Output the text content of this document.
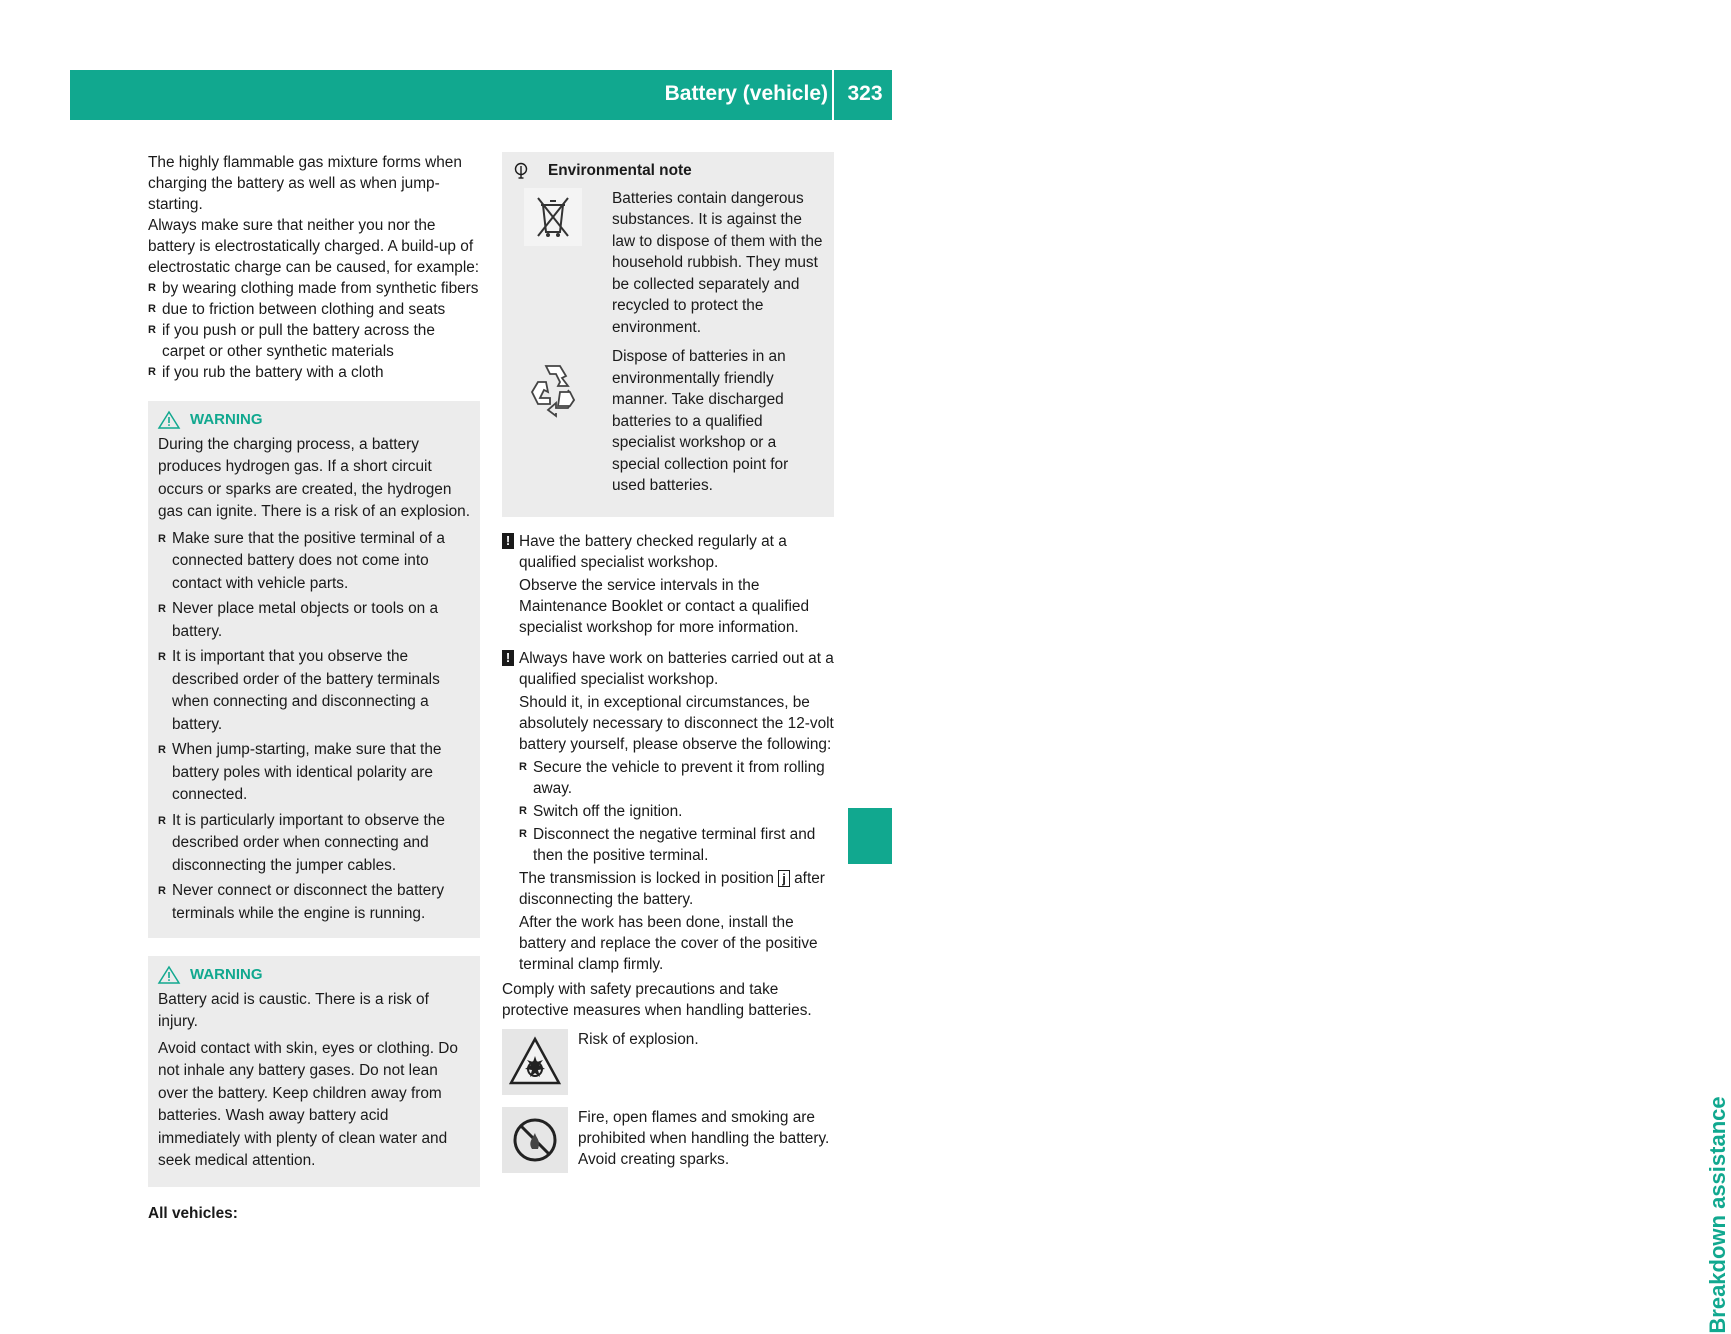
Battery (vehicle) 323
Breakdown assistance

The highly flammable gas mixture forms when charging the battery as well as when jump-starting.

Always make sure that neither you nor the battery is electrostatically charged. A build-up of electrostatic charge can be caused, for example:

R by wearing clothing made from synthetic fibers
R due to friction between clothing and seats
R if you push or pull the battery across the carpet or other synthetic materials
R if you rub the battery with a cloth
WARNING

During the charging process, a battery produces hydrogen gas. If a short circuit occurs or sparks are created, the hydrogen gas can ignite. There is a risk of an explosion.

R Make sure that the positive terminal of a connected battery does not come into contact with vehicle parts.
R Never place metal objects or tools on a battery.
R It is important that you observe the described order of the battery terminals when connecting and disconnecting a battery.
R When jump-starting, make sure that the battery poles with identical polarity are connected.
R It is particularly important to observe the described order when connecting and disconnecting the jumper cables.
R Never connect or disconnect the battery terminals while the engine is running.
WARNING

Battery acid is caustic. There is a risk of injury.

Avoid contact with skin, eyes or clothing. Do not inhale any battery gases. Do not lean over the battery. Keep children away from batteries. Wash away battery acid immediately with plenty of clean water and seek medical attention.

All vehicles:

Environmental note
Batteries contain dangerous substances. It is against the law to dispose of them with the household rubbish. They must be collected separately and recycled to protect the environment.
Dispose of batteries in an environmentally friendly manner. Take discharged batteries to a qualified specialist workshop or a special collection point for used batteries.
! Have the battery checked regularly at a qualified specialist workshop.

Observe the service intervals in the Maintenance Booklet or contact a qualified specialist workshop for more information.

! Always have work on batteries carried out at a qualified specialist workshop.

Should it, in exceptional circumstances, be absolutely necessary to disconnect the 12-volt battery yourself, please observe the following:

R Secure the vehicle to prevent it from rolling away.
R Switch off the ignition.
R Disconnect the negative terminal first and then the positive terminal.

The transmission is locked in position j after disconnecting the battery.

After the work has been done, install the battery and replace the cover of the positive terminal clamp firmly.

Comply with safety precautions and take protective measures when handling batteries.

Risk of explosion.
Fire, open flames and smoking are prohibited when handling the battery. Avoid creating sparks.
